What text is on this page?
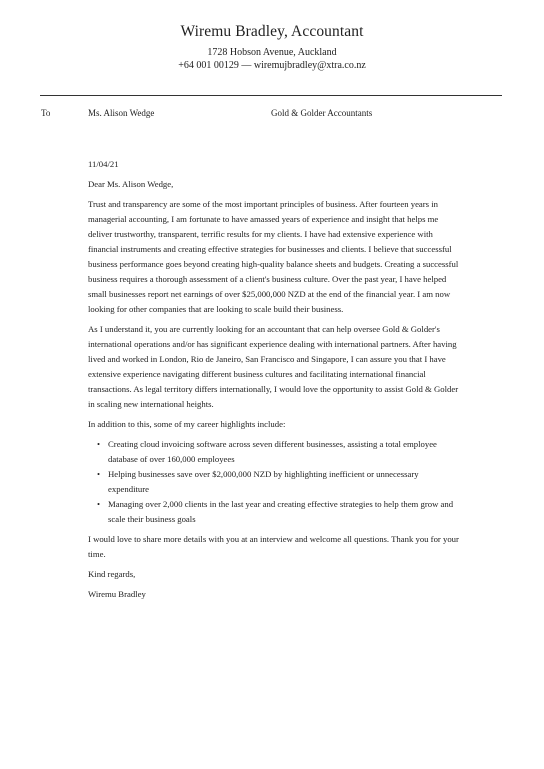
Wiremu Bradley, Accountant
1728 Hobson Avenue, Auckland
+64 001 00129 — wiremujbradley@xtra.co.nz
To	Ms. Alison Wedge	Gold & Golder Accountants

11/04/21

Dear Ms. Alison Wedge,

Trust and transparency are some of the most important principles of business. After fourteen years in managerial accounting, I am fortunate to have amassed years of experience and insight that helps me deliver trustworthy, transparent, terrific results for my clients. I have had extensive experience with financial instruments and creating effective strategies for businesses and clients. I believe that successful business performance goes beyond creating high-quality balance sheets and budgets. Creating a successful business requires a thorough assessment of a client's business culture. Over the past year, I have helped small businesses report net earnings of over $25,000,000 NZD at the end of the financial year. I am now looking for other companies that are looking to scale build their business.

As I understand it, you are currently looking for an accountant that can help oversee Gold & Golder's international operations and/or has significant experience dealing with international partners. After having lived and worked in London, Rio de Janeiro, San Francisco and Singapore, I can assure you that I have extensive experience navigating different business cultures and facilitating international financial transactions. As legal territory differs internationally, I would love the opportunity to assist Gold & Golder in scaling new international heights.

In addition to this, some of my career highlights include:

• Creating cloud invoicing software across seven different businesses, assisting a total employee database of over 160,000 employees
• Helping businesses save over $2,000,000 NZD by highlighting inefficient or unnecessary expenditure
• Managing over 2,000 clients in the last year and creating effective strategies to help them grow and scale their business goals

I would love to share more details with you at an interview and welcome all questions. Thank you for your time.

Kind regards,

Wiremu Bradley
